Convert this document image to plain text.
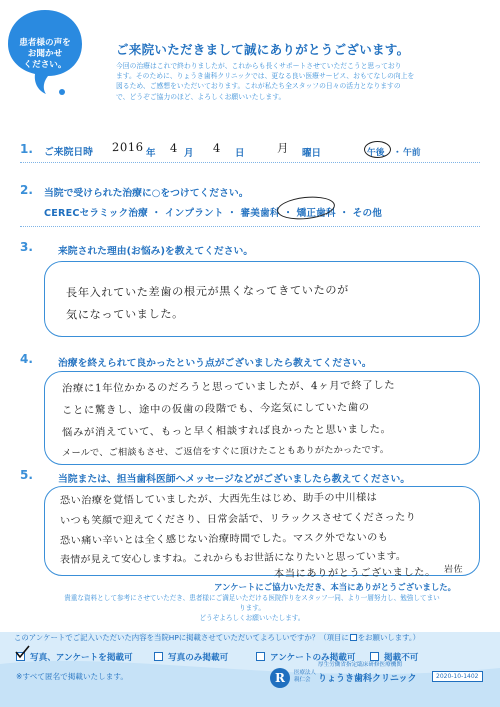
患者様の声を
お聞かせ
ください。
ご来院いただきまして誠にありがとうございます。
今回の治療はこれで終わりましたが、これからも長くサポートさせていただこうと思っており
ます。そのために、りょうき歯科クリニックでは、更なる良い医療サービス、おもてなしの向上を
図るため、ご感想をいただいております。これが私たち全スタッフの日々の活力となりますの
で、どうぞご協力のほど、よろしくお願いいたします。
1. ご来院日時 2016 年 4 月 4 日	月 曜日	午後 ・ 午前
2. 当院で受けられた治療に○をつけてください。
CERECセラミック治療 ・ インプラント ・ 審美歯科 ・ 矯正歯科 ・ その他
3.	来院された理由(お悩み)を教えてください。
長年入れていた差歯の根元が黒くなってきていたのが
気になっていました。
4.	治療を終えられて良かったという点がございましたら教えてください。
治療に1年位かかるのだろうと思っていましたが、4ヶ月で終了した
ことに驚きし、途中の仮歯の段階でも、今迄気にしていた歯の
悩みが消えていて、もっと早く相談すれば良かったと思いました。
メールで、ご相談もさせ、ご返信をすぐに頂けたこともありがたかったです。
5.	当院または、担当歯科医師へメッセージなどがございましたら教えてください。
恐い治療を覚悟していましたが、大西先生はじめ、助手の中川様は
いつも笑顔で迎えてくださり、日常会話で、リラックスさせてくださったり
恐い痛い辛いとは全く感じない治療時間でした。マスク外でないのも
表情が見えて安心しますね。これからもお世話になりたいと思っています。
本当にありがとうございました。 岩佐
アンケートにご協力いただき、本当にありがとうございました。
貴重な資料として参考にさせていただき、患者様にご満足いただける医院作りをスタッフ一同、より一層努力し、勉強してまいります。
どうぞよろしくお願いいたします。
このアンケートでご記入いただいた内容を当院HPに掲載させていただいてよろしいですか？（項目に をお願いします。）
写真、アンケートを掲載可	写真のみ掲載可	アンケートのみ掲載可	掲載不可
※すべて匿名で掲載いたします。	R	医療法人
親仁会
厚生労働省指定臨床研修医療機関
りょうき歯科クリニック	2020-10-1402
